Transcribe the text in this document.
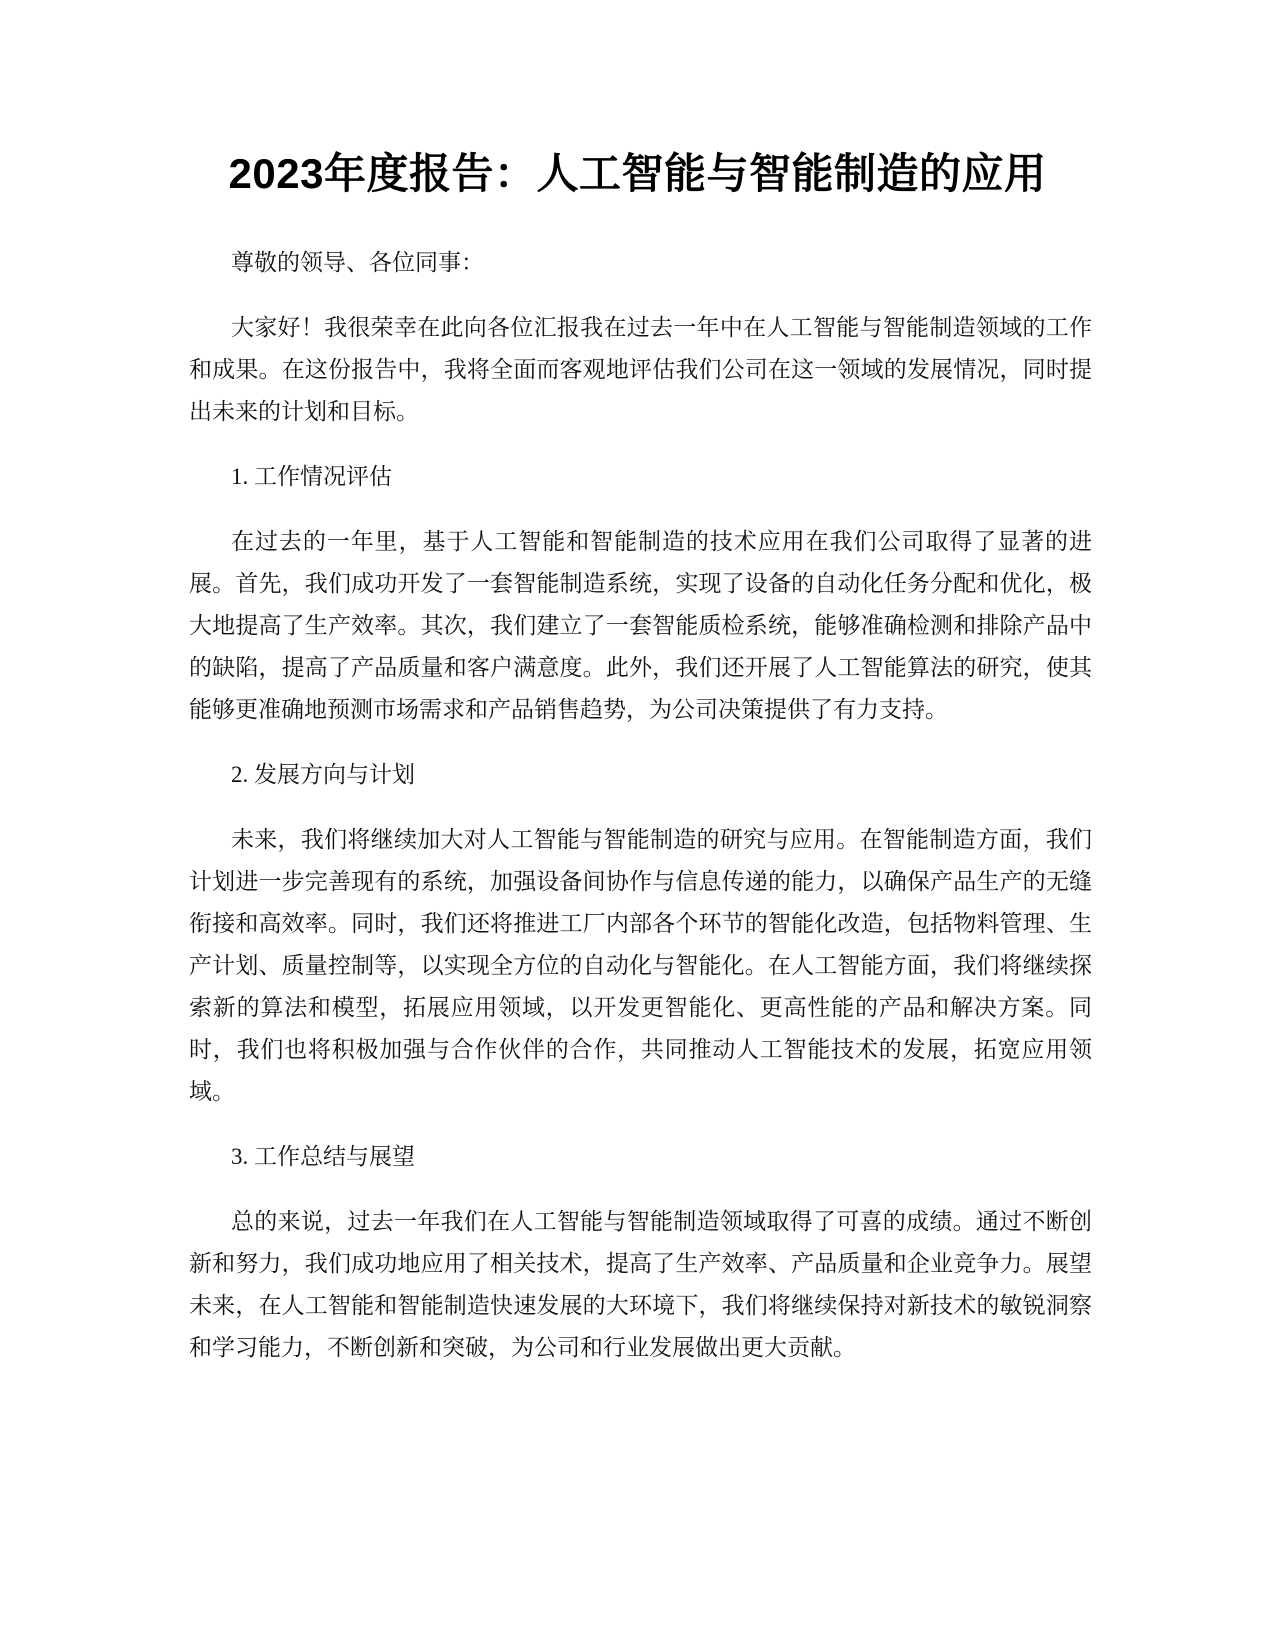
2023年度报告：人工智能与智能制造的应用

尊敬的领导、各位同事：

大家好！我很荣幸在此向各位汇报我在过去一年中在人工智能与智能制造领域的工作和成果。在这份报告中，我将全面而客观地评估我们公司在这一领域的发展情况，同时提出未来的计划和目标。

1. 工作情况评估

在过去的一年里，基于人工智能和智能制造的技术应用在我们公司取得了显著的进展。首先，我们成功开发了一套智能制造系统，实现了设备的自动化任务分配和优化，极大地提高了生产效率。其次，我们建立了一套智能质检系统，能够准确检测和排除产品中的缺陷，提高了产品质量和客户满意度。此外，我们还开展了人工智能算法的研究，使其能够更准确地预测市场需求和产品销售趋势，为公司决策提供了有力支持。

2. 发展方向与计划

未来，我们将继续加大对人工智能与智能制造的研究与应用。在智能制造方面，我们计划进一步完善现有的系统，加强设备间协作与信息传递的能力，以确保产品生产的无缝衔接和高效率。同时，我们还将推进工厂内部各个环节的智能化改造，包括物料管理、生产计划、质量控制等，以实现全方位的自动化与智能化。在人工智能方面，我们将继续探索新的算法和模型，拓展应用领域，以开发更智能化、更高性能的产品和解决方案。同时，我们也将积极加强与合作伙伴的合作，共同推动人工智能技术的发展，拓宽应用领域。

3. 工作总结与展望

总的来说，过去一年我们在人工智能与智能制造领域取得了可喜的成绩。通过不断创新和努力，我们成功地应用了相关技术，提高了生产效率、产品质量和企业竞争力。展望未来，在人工智能和智能制造快速发展的大环境下，我们将继续保持对新技术的敏锐洞察和学习能力，不断创新和突破，为公司和行业发展做出更大贡献。
